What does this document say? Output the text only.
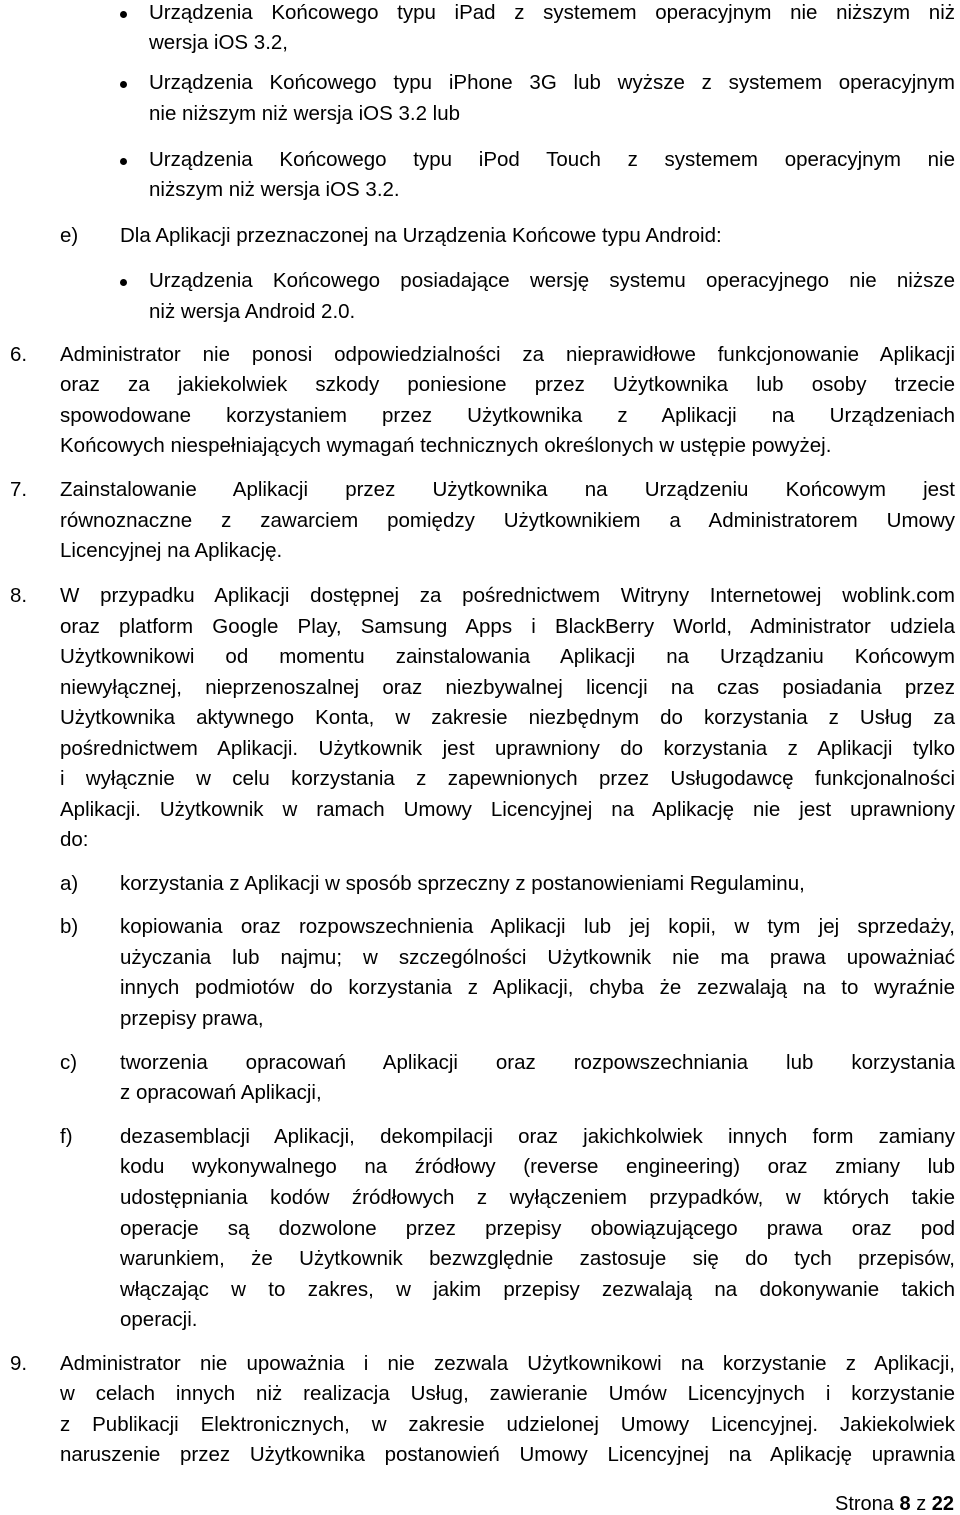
Urządzenia Końcowego typu iPad z systemem operacyjnym nie niższym niż
wersja iOS 3.2,
Urządzenia Końcowego typu iPhone 3G lub wyższe z systemem operacyjnym
nie niższym niż wersja iOS 3.2 lub
Urządzenia Końcowego typu iPod Touch z systemem operacyjnym nie
niższym niż wersja iOS 3.2.
e) Dla Aplikacji przeznaczonej na Urządzenia Końcowe typu Android:
Urządzenia Końcowego posiadające wersję systemu operacyjnego nie niższe
niż wersja Android 2.0.
6. Administrator nie ponosi odpowiedzialności za nieprawidłowe funkcjonowanie Aplikacji
oraz za jakiekolwiek szkody poniesione przez Użytkownika lub osoby trzecie
spowodowane korzystaniem przez Użytkownika z Aplikacji na Urządzeniach
Końcowych niespełniających wymagań technicznych określonych w ustępie powyżej.
7. Zainstalowanie Aplikacji przez Użytkownika na Urządzeniu Końcowym jest
równoznaczne z zawarciem pomiędzy Użytkownikiem a Administratorem Umowy
Licencyjnej na Aplikację.
8. W przypadku Aplikacji dostępnej za pośrednictwem Witryny Internetowej woblink.com
oraz platform Google Play, Samsung Apps i BlackBerry World, Administrator udziela
Użytkownikowi od momentu zainstalowania Aplikacji na Urządzaniu Końcowym
niewyłącznej, nieprzenoszalnej oraz niezbywalnej licencji na czas posiadania przez
Użytkownika aktywnego Konta, w zakresie niezbędnym do korzystania z Usług za
pośrednictwem Aplikacji. Użytkownik jest uprawniony do korzystania z Aplikacji tylko
i wyłącznie w celu korzystania z zapewnionych przez Usługodawcę funkcjonalności
Aplikacji. Użytkownik w ramach Umowy Licencyjnej na Aplikację nie jest uprawniony
do:
a) korzystania z Aplikacji w sposób sprzeczny z postanowieniami Regulaminu,
b) kopiowania oraz rozpowszechnienia Aplikacji lub jej kopii, w tym jej sprzedaży,
użyczania lub najmu; w szczególności Użytkownik nie ma prawa upoważniać
innych podmiotów do korzystania z Aplikacji, chyba że zezwalają na to wyraźnie
przepisy prawa,
c) tworzenia opracowań Aplikacji oraz rozpowszechniania lub korzystania
z opracowań Aplikacji,
f) dezasemblacji Aplikacji, dekompilacji oraz jakichkolwiek innych form zamiany
kodu wykonywalnego na źródłowy (reverse engineering) oraz zmiany lub
udostępniania kodów źródłowych z wyłączeniem przypadków, w których takie
operacje są dozwolone przez przepisy obowiązującego prawa oraz pod
warunkiem, że Użytkownik bezwzględnie zastosuje się do tych przepisów,
włączając w to zakres, w jakim przepisy zezwalają na dokonywanie takich
operacji.
9. Administrator nie upoważnia i nie zezwala Użytkownikowi na korzystanie z Aplikacji,
w celach innych niż realizacja Usług, zawieranie Umów Licencyjnych i korzystanie
z Publikacji Elektronicznych, w zakresie udzielonej Umowy Licencyjnej. Jakiekolwiek
naruszenie przez Użytkownika postanowień Umowy Licencyjnej na Aplikację uprawnia
Strona 8 z 22
